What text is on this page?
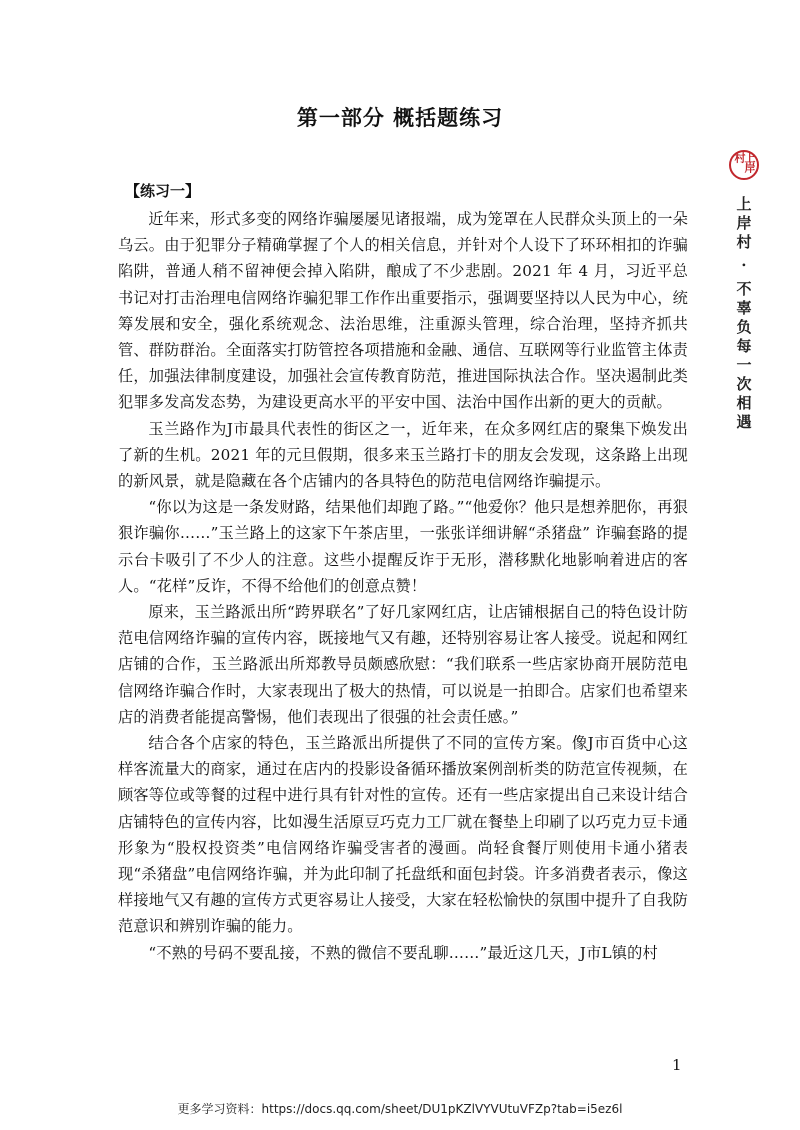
第一部分 概括题练习
【练习一】

近年来，形式多变的网络诈骗屡屡见诸报端，成为笼罩在人民群众头顶上的一朵乌云。由于犯罪分子精确掌握了个人的相关信息，并针对个人设下了环环相扣的诈骗陷阱，普通人稍不留神便会掉入陷阱，酿成了不少悲剧。2021 年 4 月，习近平总书记对打击治理电信网络诈骗犯罪工作作出重要指示，强调要坚持以人民为中心，统筹发展和安全，强化系统观念、法治思维，注重源头管理，综合治理，坚持齐抓共管、群防群治。全面落实打防管控各项措施和金融、通信、互联网等行业监管主体责任，加强法律制度建设，加强社会宣传教育防范，推进国际执法合作。坚决遏制此类犯罪多发高发态势，为建设更高水平的平安中国、法治中国作出新的更大的贡献。

玉兰路作为J市最具代表性的街区之一，近年来，在众多网红店的聚集下焕发出了新的生机。2021 年的元旦假期，很多来玉兰路打卡的朋友会发现，这条路上出现的新风景，就是隐藏在各个店铺内的各具特色的防范电信网络诈骗提示。

“你以为这是一条发财路，结果他们却跑了路。”“他爱你？他只是想养肥你，再狠狠诈骗你……”玉兰路上的这家下午茶店里，一张张详细讲解“杀猪盘” 诈骗套路的提示台卡吸引了不少人的注意。这些小提醒反诈于无形，潜移默化地影响着进店的客人。“花样”反诈，不得不给他们的创意点赞！

原来，玉兰路派出所“跨界联名”了好几家网红店，让店铺根据自己的特色设计防范电信网络诈骗的宣传内容，既接地气又有趣，还特别容易让客人接受。说起和网红店铺的合作，玉兰路派出所郑教导员颇感欣慰：“我们联系一些店家协商开展防范电信网络诈骗合作时，大家表现出了极大的热情，可以说是一拍即合。店家们也希望来店的消费者能提高警惕，他们表现出了很强的社会责任感。”

结合各个店家的特色，玉兰路派出所提供了不同的宣传方案。像J市百货中心这样客流量大的商家，通过在店内的投影设备循环播放案例剖析类的防范宣传视频，在顾客等位或等餐的过程中进行具有针对性的宣传。还有一些店家提出自己来设计结合店铺特色的宣传内容，比如漫生活原豆巧克力工厂就在餐垫上印刷了以巧克力豆卡通形象为“股权投资类”电信网络诈骗受害者的漫画。尚轻食餐厅则使用卡通小猪表现“杀猪盘”电信网络诈骗，并为此印制了托盘纸和面包封袋。许多消费者表示，像这样接地气又有趣的宣传方式更容易让人接受，大家在轻松愉快的氛围中提升了自我防范意识和辨别诈骗的能力。

“不熟的号码不要乱接，不熟的微信不要乱聊……”最近这几天，J市L镇的村

上岸村
上岸村 · 不辜负每一次相遇
1
更多学习资料：https://docs.qq.com/sheet/DU1pKZlVYVUtuVFZp?tab=i5ez6l
